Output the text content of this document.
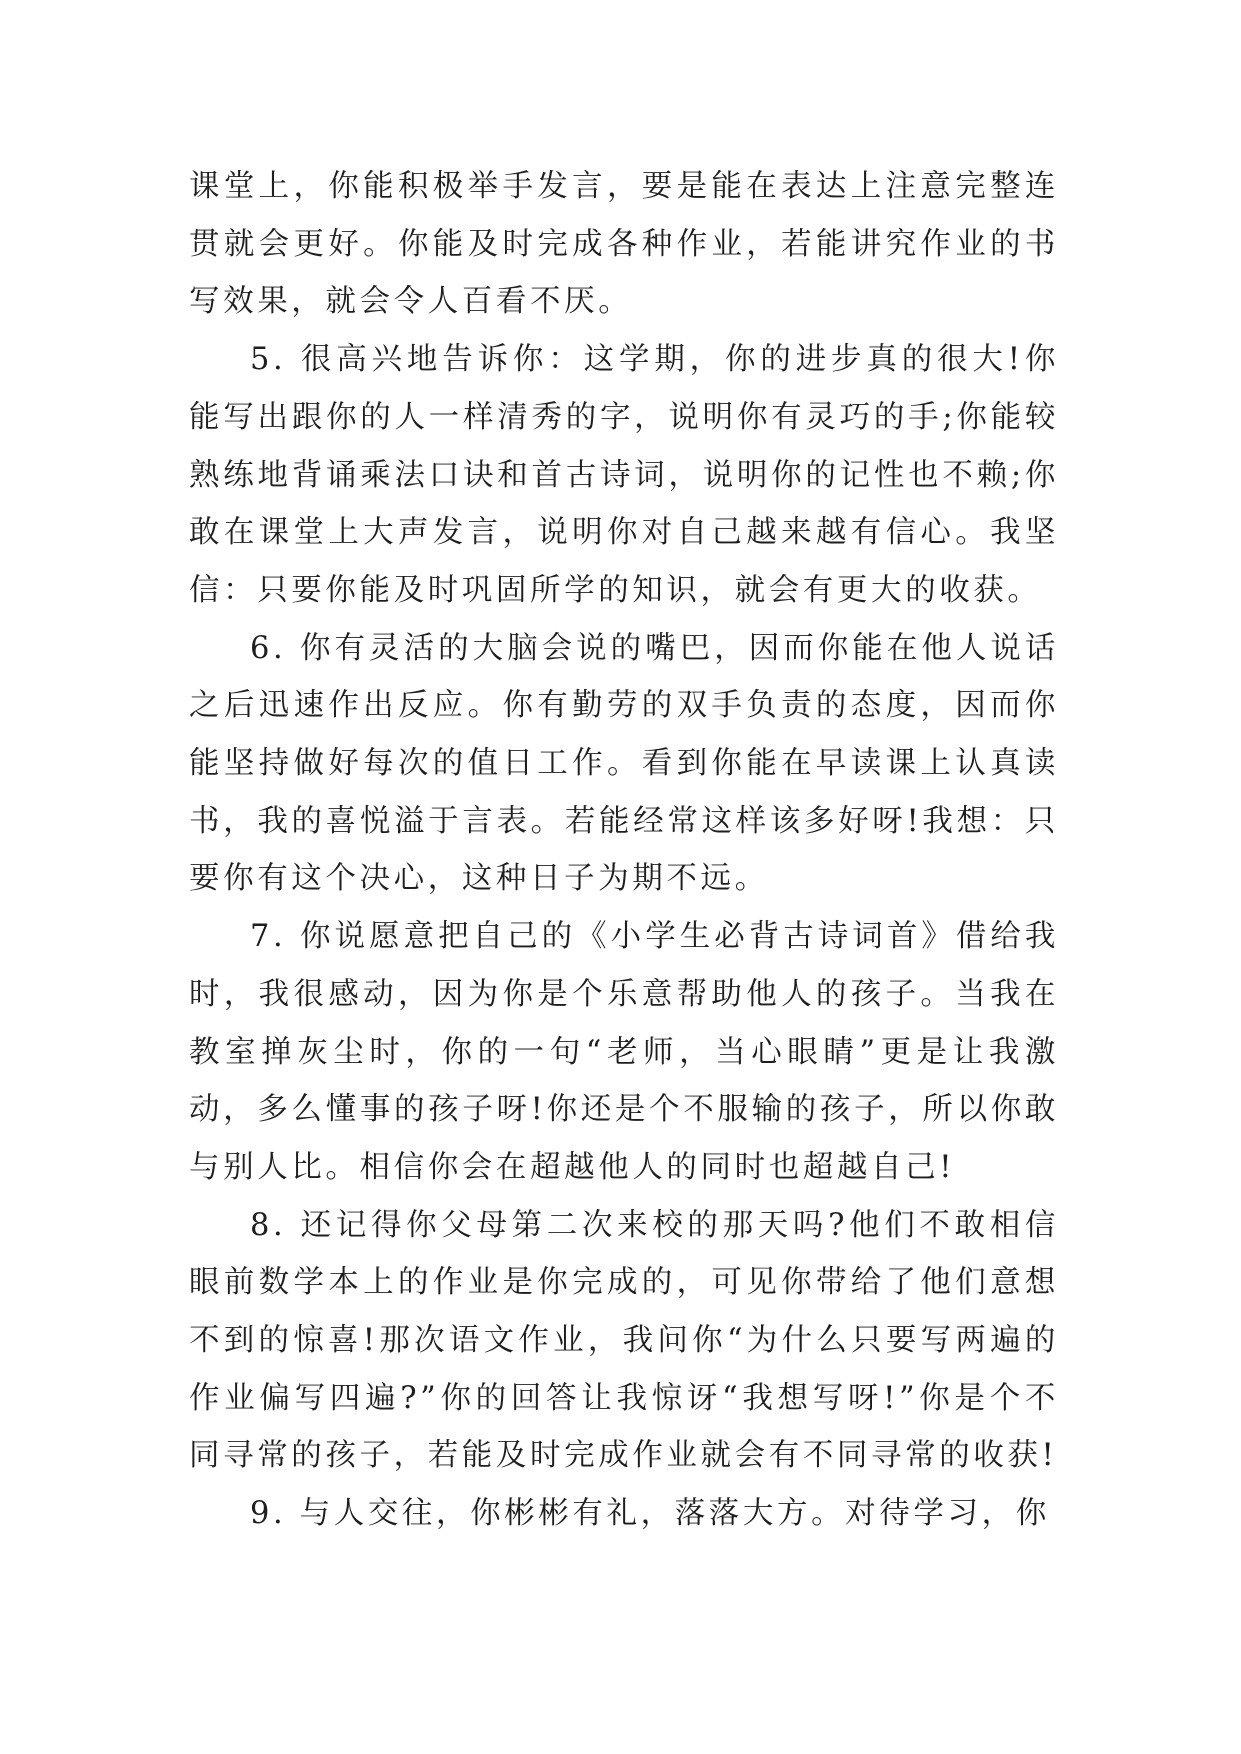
课堂上，你能积极举手发言，要是能在表达上注意完整连贯就会更好。你能及时完成各种作业，若能讲究作业的书写效果，就会令人百看不厌。

5. 很高兴地告诉你：这学期，你的进步真的很大!你能写出跟你的人一样清秀的字，说明你有灵巧的手;你能较熟练地背诵乘法口诀和首古诗词，说明你的记性也不赖;你敢在课堂上大声发言，说明你对自己越来越有信心。我坚信：只要你能及时巩固所学的知识，就会有更大的收获。

6. 你有灵活的大脑会说的嘴巴，因而你能在他人说话之后迅速作出反应。你有勤劳的双手负责的态度，因而你能坚持做好每次的值日工作。看到你能在早读课上认真读书，我的喜悦溢于言表。若能经常这样该多好呀!我想：只要你有这个决心，这种日子为期不远。

7. 你说愿意把自己的《小学生必背古诗词首》借给我时，我很感动，因为你是个乐意帮助他人的孩子。当我在教室掸灰尘时，你的一句“老师，当心眼睛”更是让我激动，多么懂事的孩子呀!你还是个不服输的孩子，所以你敢与别人比。相信你会在超越他人的同时也超越自己!

8. 还记得你父母第二次来校的那天吗?他们不敢相信眼前数学本上的作业是你完成的，可见你带给了他们意想不到的惊喜!那次语文作业，我问你“为什么只要写两遍的作业偏写四遍?”你的回答让我惊讶“我想写呀!”你是个不同寻常的孩子，若能及时完成作业就会有不同寻常的收获!

9. 与人交往，你彬彬有礼，落落大方。对待学习，你
